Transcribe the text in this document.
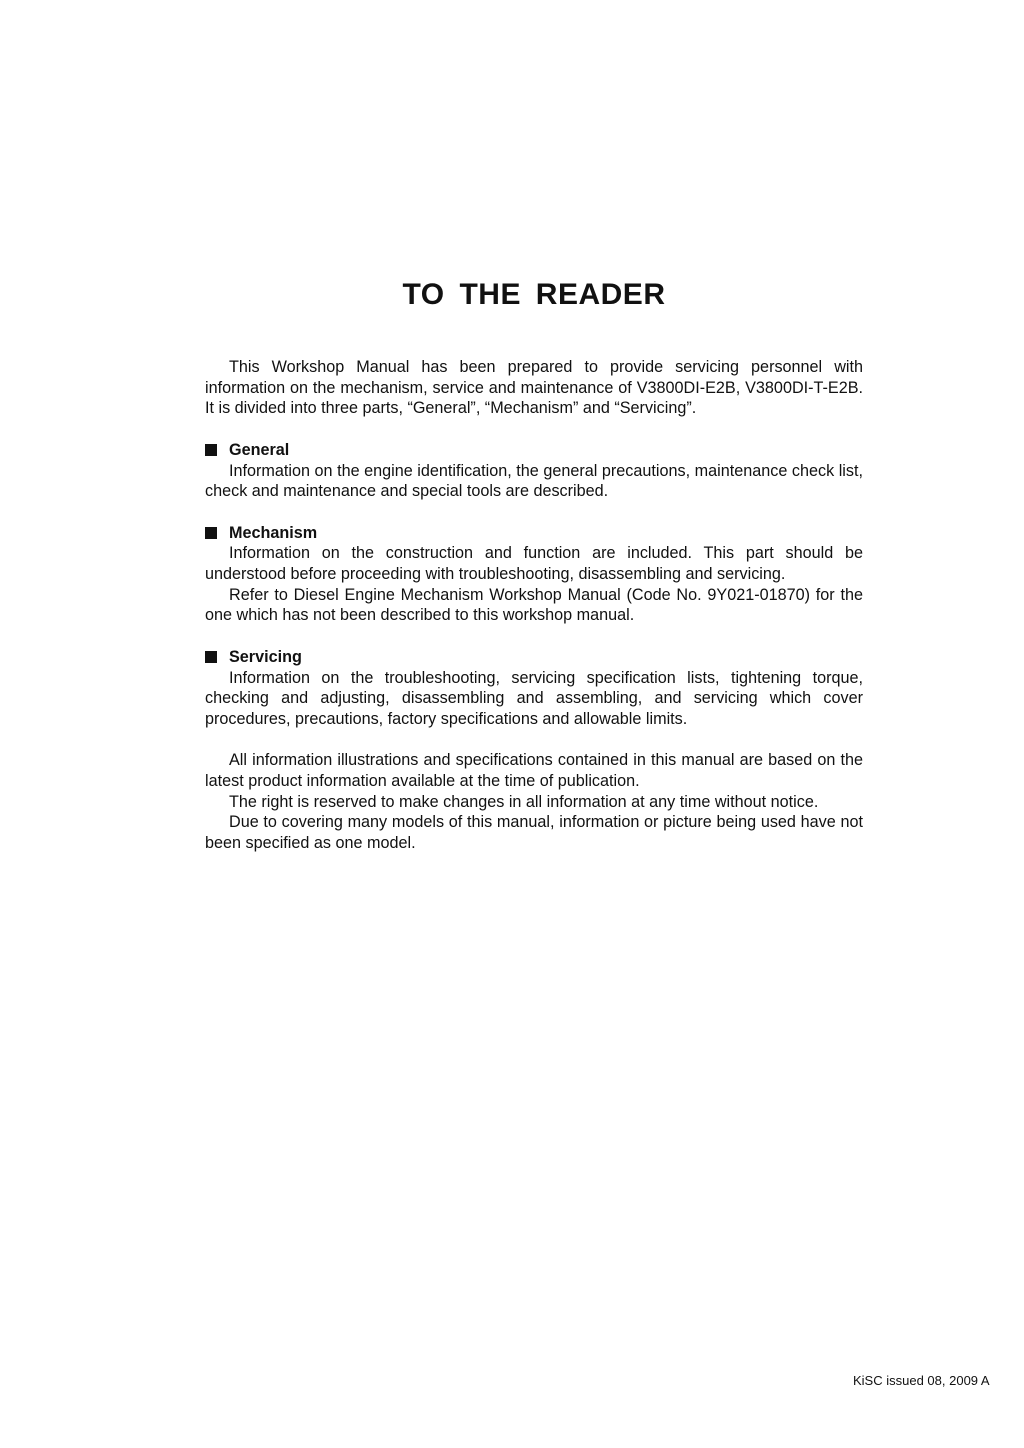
TO THE READER

This Workshop Manual has been prepared to provide servicing personnel with information on the mechanism, service and maintenance of V3800DI-E2B, V3800DI-T-E2B. It is divided into three parts, “General”, “Mechanism” and “Servicing”.

General

Information on the engine identification, the general precautions, maintenance check list, check and maintenance and special tools are described.

Mechanism

Information on the construction and function are included. This part should be understood before proceeding with troubleshooting, disassembling and servicing.

Refer to Diesel Engine Mechanism Workshop Manual (Code No. 9Y021-01870) for the one which has not been described to this workshop manual.

Servicing

Information on the troubleshooting, servicing specification lists, tightening torque, checking and adjusting, disassembling and assembling, and servicing which cover procedures, precautions, factory specifications and allowable limits.

All information illustrations and specifications contained in this manual are based on the latest product information available at the time of publication.

The right is reserved to make changes in all information at any time without notice.

Due to covering many models of this manual, information or picture being used have not been specified as one model.

KiSC issued 08, 2009 A
